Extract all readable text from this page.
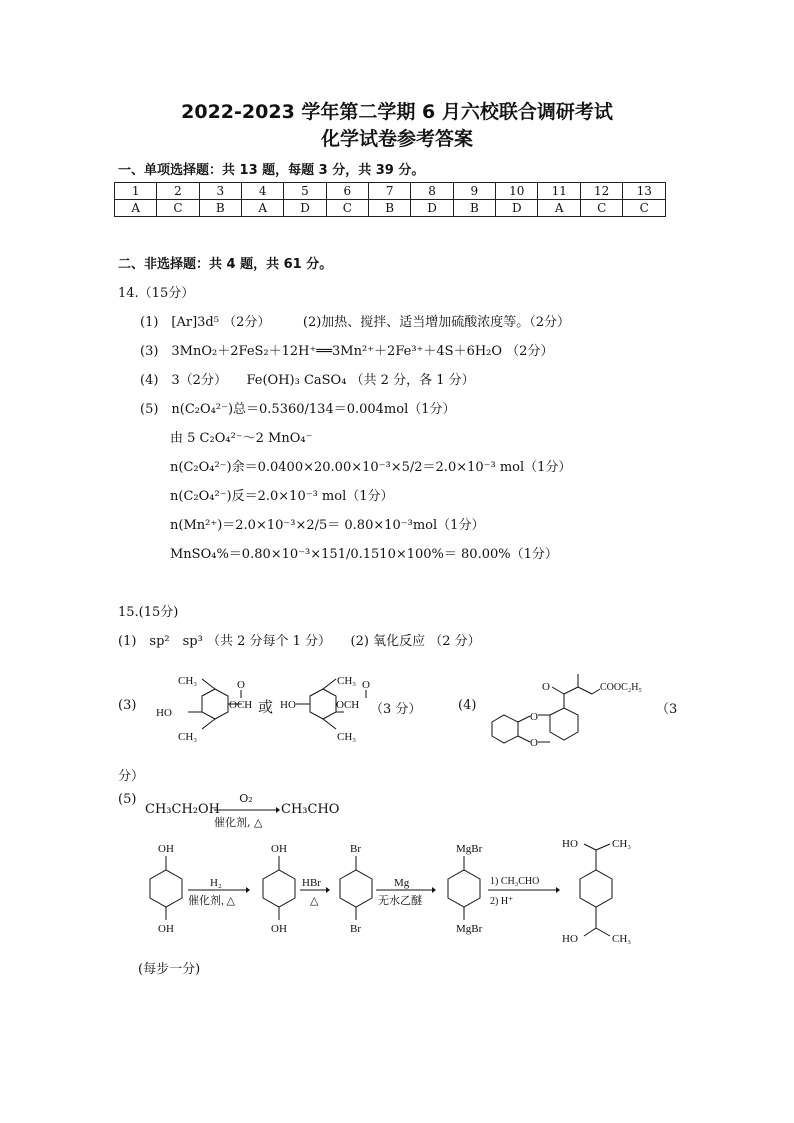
2022-2023 学年第二学期 6 月六校联合调研考试
化学试卷参考答案
一、单项选择题：共 13 题，每题 3 分，共 39 分。
1	2	3	4	5	6	7	8	9	10	11	12	13
A	C	B	A	D	C	B	D	B	D	A	C	C
二、非选择题：共 4 题，共 61 分。
14.（15分）
(1)　[Ar]3d⁵ （2分）　　　(2)加热、搅拌、适当增加硫酸浓度等。（2分）
(3)　3MnO₂＋2FeS₂＋12H⁺══3Mn²⁺＋2Fe³⁺＋4S＋6H₂O （2分）
(4)　3（2分）　　Fe(OH)₃ CaSO₄ （共 2 分，各 1 分）
(5)　n(C₂O₄²⁻)总＝0.5360/134＝0.004mol（1分）
由 5 C₂O₄²⁻～2 MnO₄⁻
n(C₂O₄²⁻)余＝0.0400×20.00×10⁻³×5/2＝2.0×10⁻³ mol（1分）
n(C₂O₄²⁻)反＝2.0×10⁻³ mol（1分）
n(Mn²⁺)＝2.0×10⁻³×2/5＝ 0.80×10⁻³mol（1分）
MnSO₄%＝0.80×10⁻³×151/0.1510×100%＝ 80.00%（1分）
15.(15分)
(1)　sp²　sp³ （共 2 分每个 1 分）　　(2) 氧化反应 （2 分）
(3)	（3 分）	(4)	（3
分）
(5)
(每步一分)
CH₃
HO
CH₃
OCH
O
或 HO
CH₃
CH₃
OCH
O
O
O
O	COOC₂H₅
CH₃CH₂OH
O₂
催化剂, △
CH₃CHO
OH
OH
H₂
催化剂, △
OH
OH
HBr
△
Br
Br
Mg
无水乙醚
MgBr
MgBr
1) CH₃CHO
2) H⁺
HO	CH₃
HO	CH₃
